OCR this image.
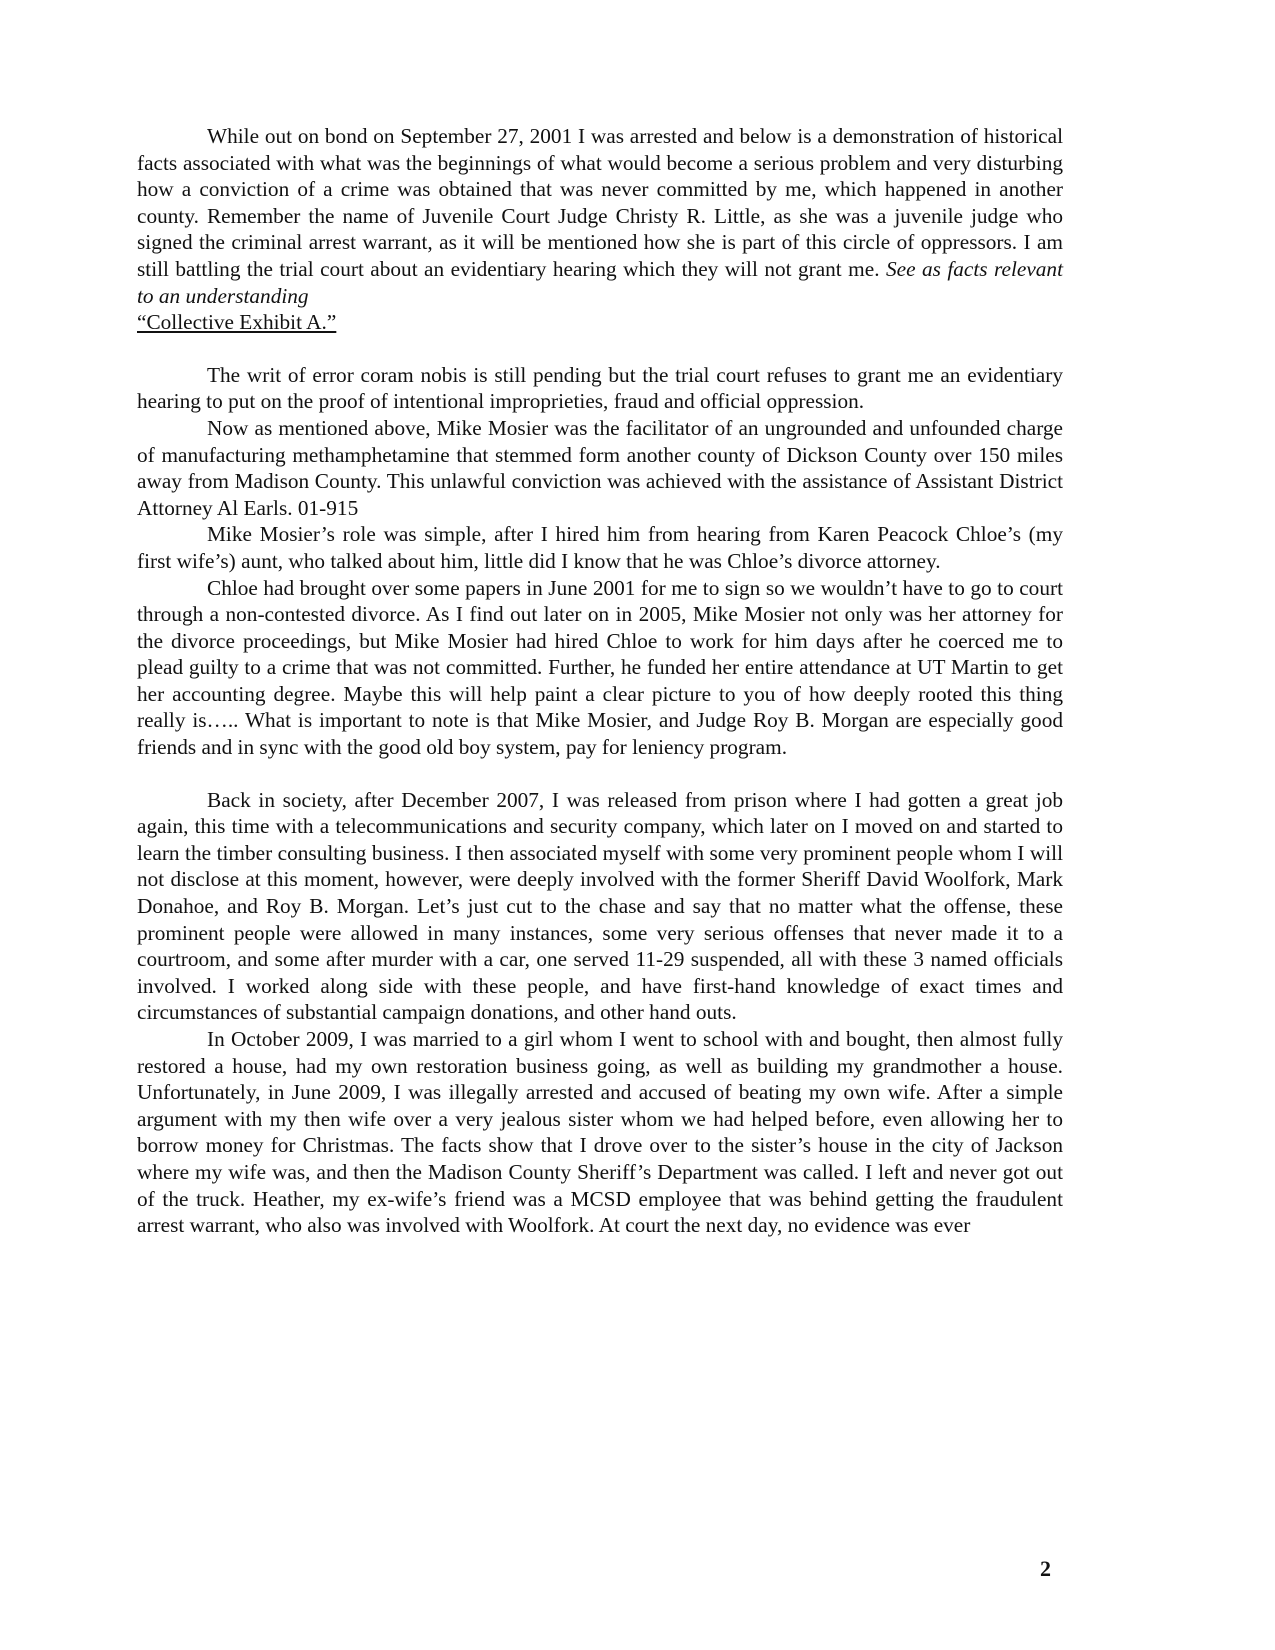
While out on bond on September 27, 2001 I was arrested and below is a demonstration of historical facts associated with what was the beginnings of what would become a serious problem and very disturbing how a conviction of a crime was obtained that was never committed by me, which happened in another county. Remember the name of Juvenile Court Judge Christy R. Little, as she was a juvenile judge who signed the criminal arrest warrant, as it will be mentioned how she is part of this circle of oppressors. I am still battling the trial court about an evidentiary hearing which they will not grant me. See as facts relevant to an understanding
“Collective Exhibit A.”

The writ of error coram nobis is still pending but the trial court refuses to grant me an evidentiary hearing to put on the proof of intentional improprieties, fraud and official oppression.

Now as mentioned above, Mike Mosier was the facilitator of an ungrounded and unfounded charge of manufacturing methamphetamine that stemmed form another county of Dickson County over 150 miles away from Madison County. This unlawful conviction was achieved with the assistance of Assistant District Attorney Al Earls. 01-915

Mike Mosier’s role was simple, after I hired him from hearing from Karen Peacock Chloe’s (my first wife’s) aunt, who talked about him, little did I know that he was Chloe’s divorce attorney.

Chloe had brought over some papers in June 2001 for me to sign so we wouldn’t have to go to court through a non-contested divorce. As I find out later on in 2005, Mike Mosier not only was her attorney for the divorce proceedings, but Mike Mosier had hired Chloe to work for him days after he coerced me to plead guilty to a crime that was not committed. Further, he funded her entire attendance at UT Martin to get her accounting degree. Maybe this will help paint a clear picture to you of how deeply rooted this thing really is….. What is important to note is that Mike Mosier, and Judge Roy B. Morgan are especially good friends and in sync with the good old boy system, pay for leniency program.

Back in society, after December 2007, I was released from prison where I had gotten a great job again, this time with a telecommunications and security company, which later on I moved on and started to learn the timber consulting business. I then associated myself with some very prominent people whom I will not disclose at this moment, however, were deeply involved with the former Sheriff David Woolfork, Mark Donahoe, and Roy B. Morgan. Let’s just cut to the chase and say that no matter what the offense, these prominent people were allowed in many instances, some very serious offenses that never made it to a courtroom, and some after murder with a car, one served 11-29 suspended, all with these 3 named officials involved. I worked along side with these people, and have first-hand knowledge of exact times and circumstances of substantial campaign donations, and other hand outs.

In October 2009, I was married to a girl whom I went to school with and bought, then almost fully restored a house, had my own restoration business going, as well as building my grandmother a house. Unfortunately, in June 2009, I was illegally arrested and accused of beating my own wife. After a simple argument with my then wife over a very jealous sister whom we had helped before, even allowing her to borrow money for Christmas. The facts show that I drove over to the sister’s house in the city of Jackson where my wife was, and then the Madison County Sheriff’s Department was called. I left and never got out of the truck. Heather, my ex-wife’s friend was a MCSD employee that was behind getting the fraudulent arrest warrant, who also was involved with Woolfork. At court the next day, no evidence was ever

2
